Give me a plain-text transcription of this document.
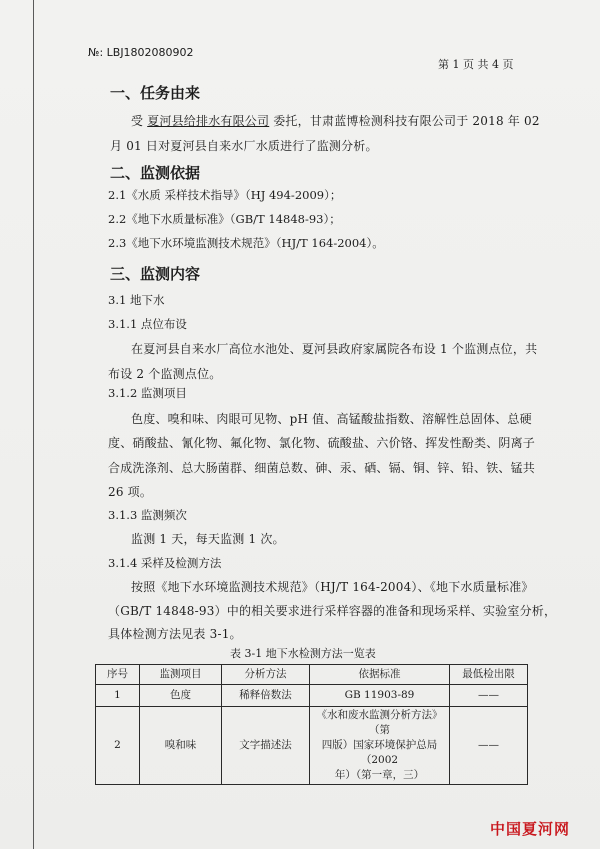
№: LBJ1802080902
第 1 页 共 4 页
一、任务由来
受 夏河县给排水有限公司 委托，甘肃蓝博检测科技有限公司于 2018 年 02
月 01 日对夏河县自来水厂水质进行了监测分析。
二、监测依据
2.1《水质 采样技术指导》（HJ 494-2009）；
2.2《地下水质量标准》（GB/T 14848-93）；
2.3《地下水环境监测技术规范》（HJ/T 164-2004）。
三、监测内容
3.1 地下水
3.1.1 点位布设
在夏河县自来水厂高位水池处、夏河县政府家属院各布设 1 个监测点位，共
布设 2 个监测点位。
3.1.2 监测项目
色度、嗅和味、肉眼可见物、pH 值、高锰酸盐指数、溶解性总固体、总硬
度、硝酸盐、氰化物、氟化物、氯化物、硫酸盐、六价铬、挥发性酚类、阴离子
合成洗涤剂、总大肠菌群、细菌总数、砷、汞、硒、镉、铜、锌、铅、铁、锰共
26 项。
3.1.3 监测频次
监测 1 天，每天监测 1 次。
3.1.4 采样及检测方法
按照《地下水环境监测技术规范》（HJ/T 164-2004）、《地下水质量标准》
（GB/T 14848-93）中的相关要求进行采样容器的准备和现场采样、实验室分析，
具体检测方法见表 3-1。
表 3-1 地下水检测方法一览表
序号	监测项目	分析方法	依据标准	最低检出限
1	色度	稀释倍数法	GB 11903-89	——
2	嗅和味	文字描述法	《水和废水监测分析方法》（第
四版）国家环境保护总局（2002
年）（第一章，三）	——
中国夏河网
